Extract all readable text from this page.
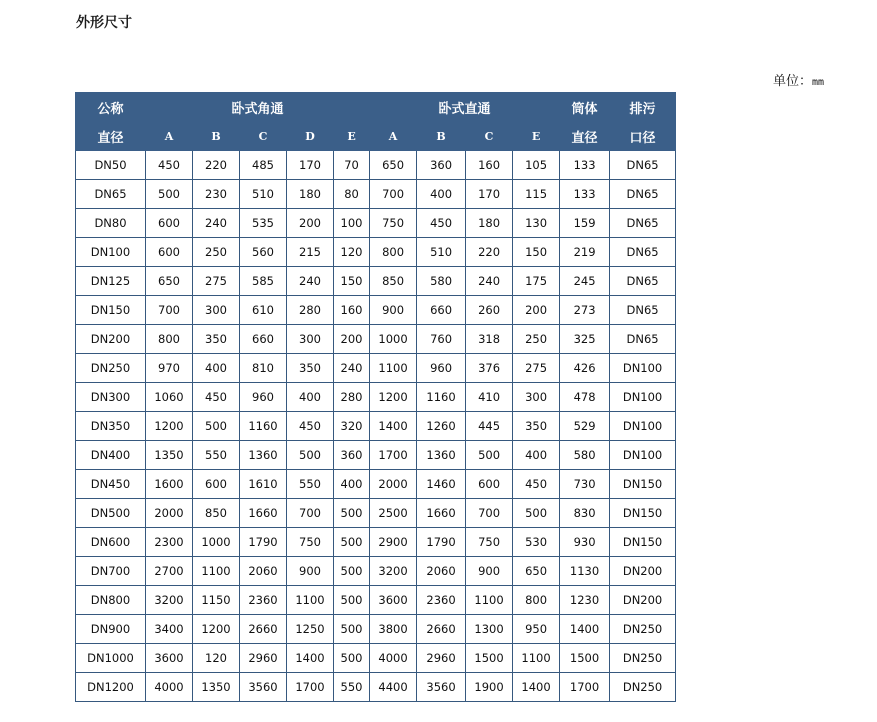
外形尺寸
单位：mm
公称	卧式角通					卧式直通				筒体	排污
直径	A	B	C	D	E	A	B	C	E	直径	口径
DN50	450	220	485	170	70	650	360	160	105	133	DN65
DN65	500	230	510	180	80	700	400	170	115	133	DN65
DN80	600	240	535	200	100	750	450	180	130	159	DN65
DN100	600	250	560	215	120	800	510	220	150	219	DN65
DN125	650	275	585	240	150	850	580	240	175	245	DN65
DN150	700	300	610	280	160	900	660	260	200	273	DN65
DN200	800	350	660	300	200	1000	760	318	250	325	DN65
DN250	970	400	810	350	240	1100	960	376	275	426	DN100
DN300	1060	450	960	400	280	1200	1160	410	300	478	DN100
DN350	1200	500	1160	450	320	1400	1260	445	350	529	DN100
DN400	1350	550	1360	500	360	1700	1360	500	400	580	DN100
DN450	1600	600	1610	550	400	2000	1460	600	450	730	DN150
DN500	2000	850	1660	700	500	2500	1660	700	500	830	DN150
DN600	2300	1000	1790	750	500	2900	1790	750	530	930	DN150
DN700	2700	1100	2060	900	500	3200	2060	900	650	1130	DN200
DN800	3200	1150	2360	1100	500	3600	2360	1100	800	1230	DN200
DN900	3400	1200	2660	1250	500	3800	2660	1300	950	1400	DN250
DN1000	3600	120	2960	1400	500	4000	2960	1500	1100	1500	DN250
DN1200	4000	1350	3560	1700	550	4400	3560	1900	1400	1700	DN250
